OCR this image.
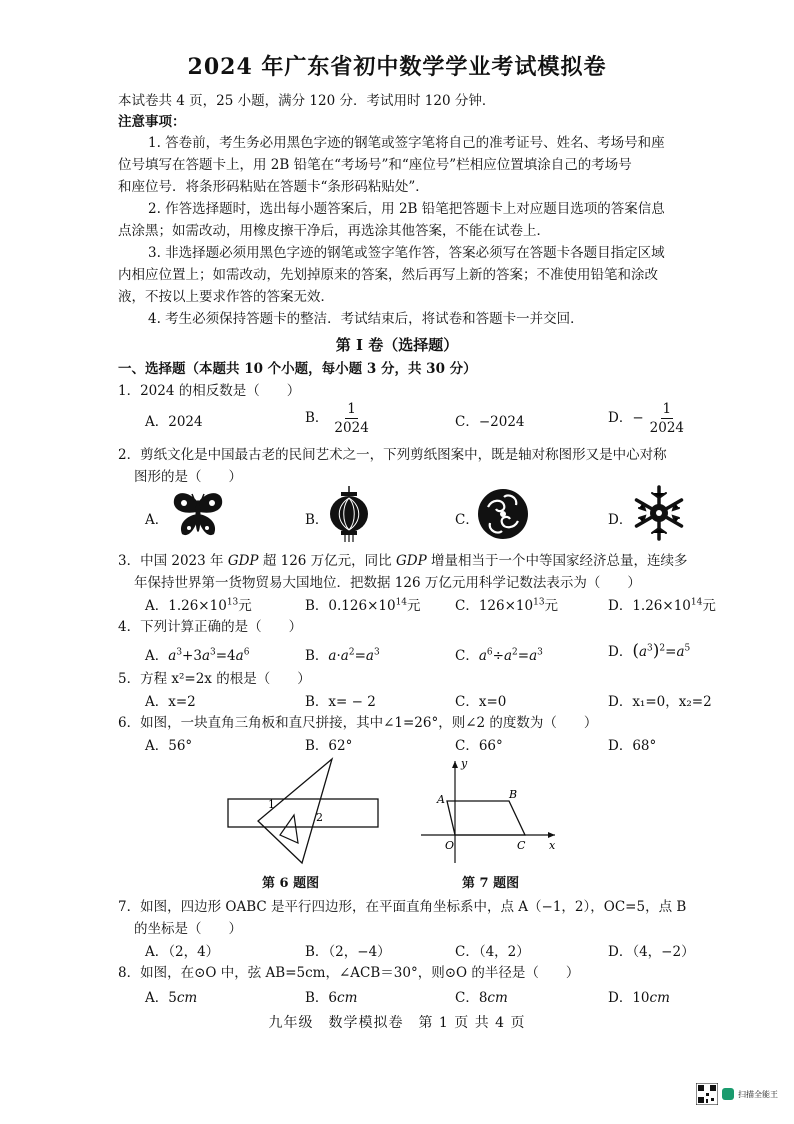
2024 年广东省初中数学学业考试模拟卷
本试卷共 4 页，25 小题，满分 120 分．考试用时 120 分钟．
注意事项：
1. 答卷前，考生务必用黑色字迹的钢笔或签字笔将自己的准考证号、姓名、考场号和座
位号填写在答题卡上，用 2B 铅笔在“考场号”和“座位号”栏相应位置填涂自己的考场号
和座位号．将条形码粘贴在答题卡“条形码粘贴处”．
2. 作答选择题时，选出每小题答案后，用 2B 铅笔把答题卡上对应题目选项的答案信息
点涂黑；如需改动，用橡皮擦干净后，再选涂其他答案，不能在试卷上．
3. 非选择题必须用黑色字迹的钢笔或签字笔作答，答案必须写在答题卡各题目指定区域
内相应位置上；如需改动，先划掉原来的答案，然后再写上新的答案；不准使用铅笔和涂改
液，不按以上要求作答的答案无效．
4. 考生必须保持答题卡的整洁．考试结束后，将试卷和答题卡一并交回．
第 I 卷（选择题）
一、选择题（本题共 10 个小题，每小题 3 分，共 30 分）
1．2024 的相反数是（　　）
A．2024	B． $\frac{1}{2024}$	C．−2024	D．− $\frac{1}{2024}$
2．剪纸文化是中国最古老的民间艺术之一，下列剪纸图案中，既是轴对称图形又是中心对称
图形的是（　　）
A．	B．	C．	D．
3．中国 2023 年 GDP 超 126 万亿元，同比 GDP 增量相当于一个中等国家经济总量，连续多
年保持世界第一货物贸易大国地位．把数据 126 万亿元用科学记数法表示为（　　）
A．$1.26\times 10^{13}$元	B．$0.126\times 10^{14}$元	C．$126\times 10^{13}$元	D．$1.26\times 10^{14}$元
4．下列计算正确的是（　　）
A．$a^3+3a^3=4a^6$	B．$a\cdot a^2=a^3$	C．$a^6\div a^2=a^3$	D．$(a^3)^2=a^5$
5．方程 x²=2x 的根是（　　）
A．x=2	B．x= − 2	C．x=0	D．x₁=0，x₂=2
6．如图，一块直角三角板和直尺拼接，其中∠1=26°，则∠2 的度数为（　　）
A．56°	B．62°	C．66°	D．68°
1
2
第 6 题图
y
x
A	B
O	C
第 7 题图
7．如图，四边形 OABC 是平行四边形，在平面直角坐标系中，点 A（−1，2），OC=5，点 B
的坐标是（　　）
A．（2，4）	B．（2，−4）	C．（4，2）	D．（4，−2）
8．如图，在⊙O 中，弦 AB=5cm，∠ACB＝30°，则⊙O 的半径是（　　）
A．5cm	B．6cm	C．8cm	D．10cm
九年级　数学模拟卷　第 1 页 共 4 页
扫描全能王
